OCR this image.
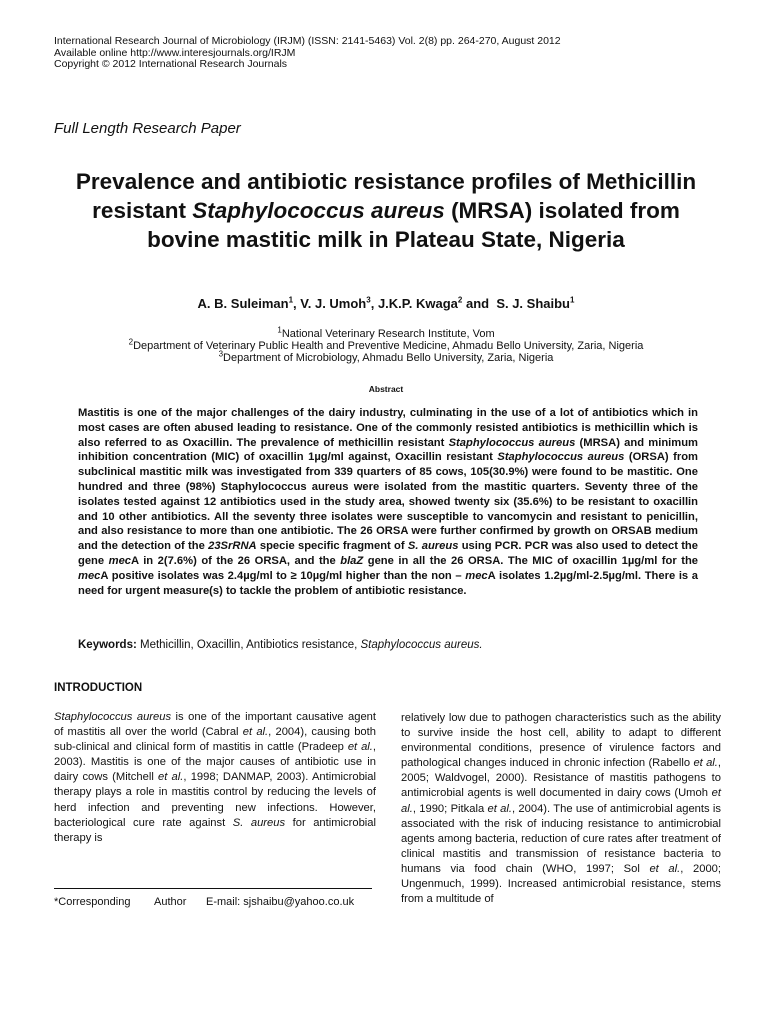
International Research Journal of Microbiology (IRJM) (ISSN: 2141-5463) Vol. 2(8) pp. 264-270, August 2012
Available online http://www.interesjournals.org/IRJM
Copyright © 2012 International Research Journals
Full Length Research Paper
Prevalence and antibiotic resistance profiles of Methicillin resistant Staphylococcus aureus (MRSA) isolated from bovine mastitic milk in Plateau State, Nigeria
A. B. Suleiman$^1$, V. J. Umoh$^3$, J.K.P. Kwaga$^2$ and  S. J. Shaibu$^1$
$^1$National Veterinary Research Institute, Vom
$^2$Department of Veterinary Public Health and Preventive Medicine, Ahmadu Bello University, Zaria, Nigeria
$^3$Department of Microbiology, Ahmadu Bello University, Zaria, Nigeria
Abstract
Mastitis is one of the major challenges of the dairy industry, culminating in the use of a lot of antibiotics which in most cases are often abused leading to resistance. One of the commonly resisted antibiotics is methicillin which is also referred to as Oxacillin. The prevalence of methicillin resistant Staphylococcus aureus (MRSA) and minimum inhibition concentration (MIC) of oxacillin 1µg/ml against, Oxacillin resistant Staphylococcus aureus (ORSA) from subclinical mastitic milk was investigated from 339 quarters of 85 cows, 105(30.9%) were found to be mastitic. One hundred and three (98%) Staphylococcus aureus were isolated from the mastitic quarters. Seventy three of the isolates tested against 12 antibiotics used in the study area, showed twenty six (35.6%) to be resistant to oxacillin and 10 other antibiotics. All the seventy three isolates were susceptible to vancomycin and resistant to penicillin, and also resistance to more than one antibiotic. The 26 ORSA were further confirmed by growth on ORSAB medium and the detection of the 23SrRNA specie specific fragment of S. aureus using PCR. PCR was also used to detect the gene mecA in 2(7.6%) of the 26 ORSA, and the blaZ gene in all the 26 ORSA. The MIC of oxacillin 1µg/ml for the mecA positive isolates was 2.4µg/ml to ≥ 10µg/ml higher than the non – mecA isolates 1.2µg/ml-2.5µg/ml. There is a need for urgent measure(s) to tackle the problem of antibiotic resistance.
Keywords: Methicillin, Oxacillin, Antibiotics resistance, Staphylococcus aureus.
INTRODUCTION
Staphylococcus aureus is one of the important causative agent of mastitis all over the world (Cabral et al., 2004), causing both sub-clinical and clinical form of mastitis in cattle (Pradeep et al., 2003). Mastitis is one of the major causes of antibiotic use in dairy cows (Mitchell et al., 1998; DANMAP, 2003). Antimicrobial therapy plays a role in mastitis control by reducing the levels of herd infection and preventing new infections. However, bacteriological cure rate against S. aureus for antimicrobial therapy is
relatively low due to pathogen characteristics such as the ability to survive inside the host cell, ability to adapt to different environmental conditions, presence of virulence factors and pathological changes induced in chronic infection (Rabello et al., 2005; Waldvogel, 2000). Resistance of mastitis pathogens to antimicrobial agents is well documented in dairy cows (Umoh et al., 1990; Pitkala et al., 2004). The use of antimicrobial agents is associated with the risk of inducing resistance to antimicrobial agents among bacteria, reduction of cure rates after treatment of clinical mastitis and transmission of resistance bacteria to humans via food chain (WHO, 1997; Sol et al., 2000; Ungenmuch, 1999). Increased antimicrobial resistance, stems from a multitude of
*Corresponding Author E-mail: sjshaibu@yahoo.co.uk
